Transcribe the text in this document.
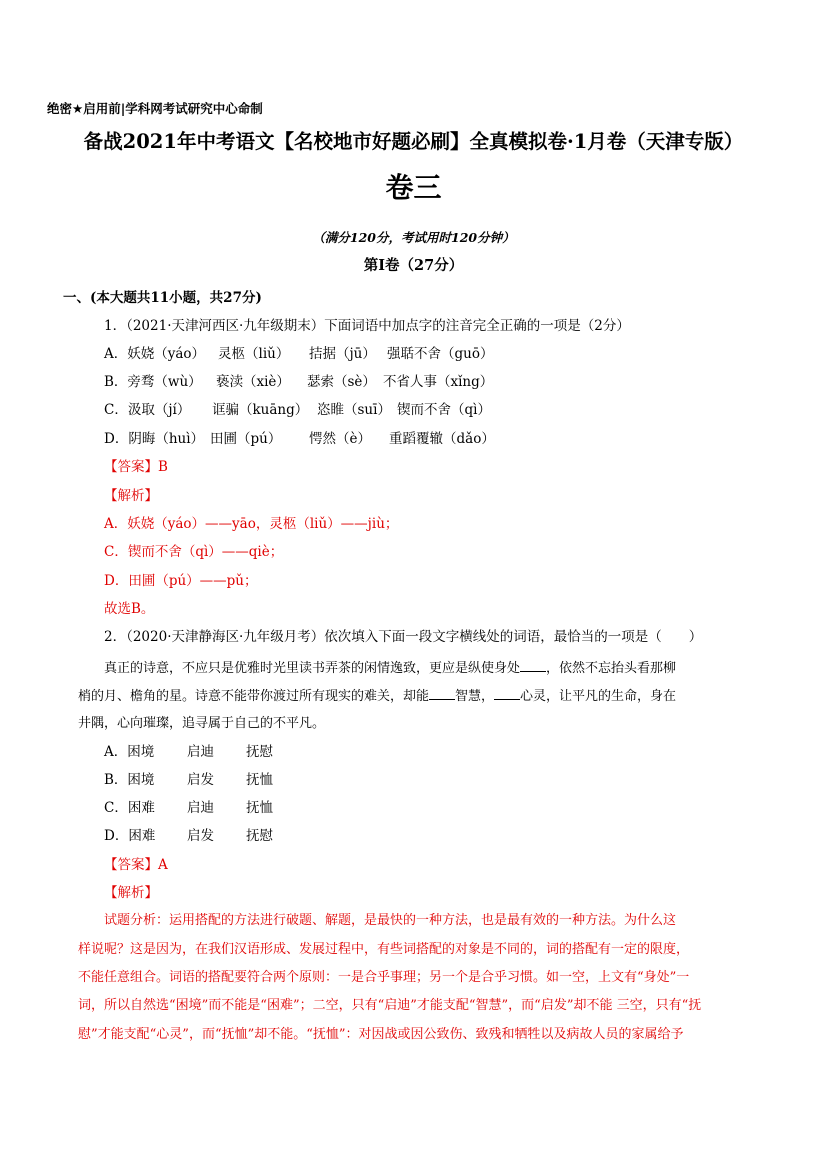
绝密★启用前|学科网考试研究中心命制
备战2021年中考语文【名校地市好题必刷】全真模拟卷·1月卷（天津专版）
卷三
（满分120分，考试用时120分钟）
第Ⅰ卷（27分）
一、(本大题共11小题，共27分)
1．（2021·天津河西区·九年级期末）下面词语中加点字的注音完全正确的一项是（2分）
A．妖娆（yáo） 灵柩（liǔ） 拮据（jū） 强聒不舍（guō）
B．旁骛（wù） 亵渎（xiè） 瑟索（sè） 不省人事（xǐng）
C．汲取（jí） 诓骗（kuāng） 恣睢（suī） 锲而不舍（qì）
D．阴晦（huì） 田圃（pú） 愕然（è） 重蹈覆辙（dǎo）
【答案】B
【解析】
A．妖娆（yáo）——yāo，灵柩（liǔ）——jiù；
C．锲而不舍（qì）——qiè；
D．田圃（pú）——pǔ；
故选B。
2．（2020·天津静海区·九年级月考）依次填入下面一段文字横线处的词语，最恰当的一项是（　　）
真正的诗意，不应只是优雅时光里读书弄茶的闲情逸致，更应是纵使身处 ，依然不忘抬头看那柳
梢的月、檐角的星。诗意不能带你渡过所有现实的难关，却能 智慧， 心灵，让平凡的生命，身在
井隅，心向璀璨，追寻属于自己的不平凡。
A．困境 启迪 抚慰
B．困境 启发 抚恤
C．困难 启迪 抚恤
D．困难 启发 抚慰
【答案】A
【解析】
试题分析：运用搭配的方法进行破题、解题，是最快的一种方法，也是最有效的一种方法。为什么这
样说呢？这是因为，在我们汉语形成、发展过程中，有些词搭配的对象是不同的，词的搭配有一定的限度，
不能任意组合。词语的搭配要符合两个原则：一是合乎事理；另一个是合乎习惯。如一空，上文有“身处”一
词，所以自然选“困境”而不能是“困难”；二空，只有“启迪”才能支配“智慧”，而“启发”却不能 三空，只有“抚
慰”才能支配“心灵”，而“抚恤”却不能。“抚恤”：对因战或因公致伤、致残和牺牲以及病故人员的家属给予
